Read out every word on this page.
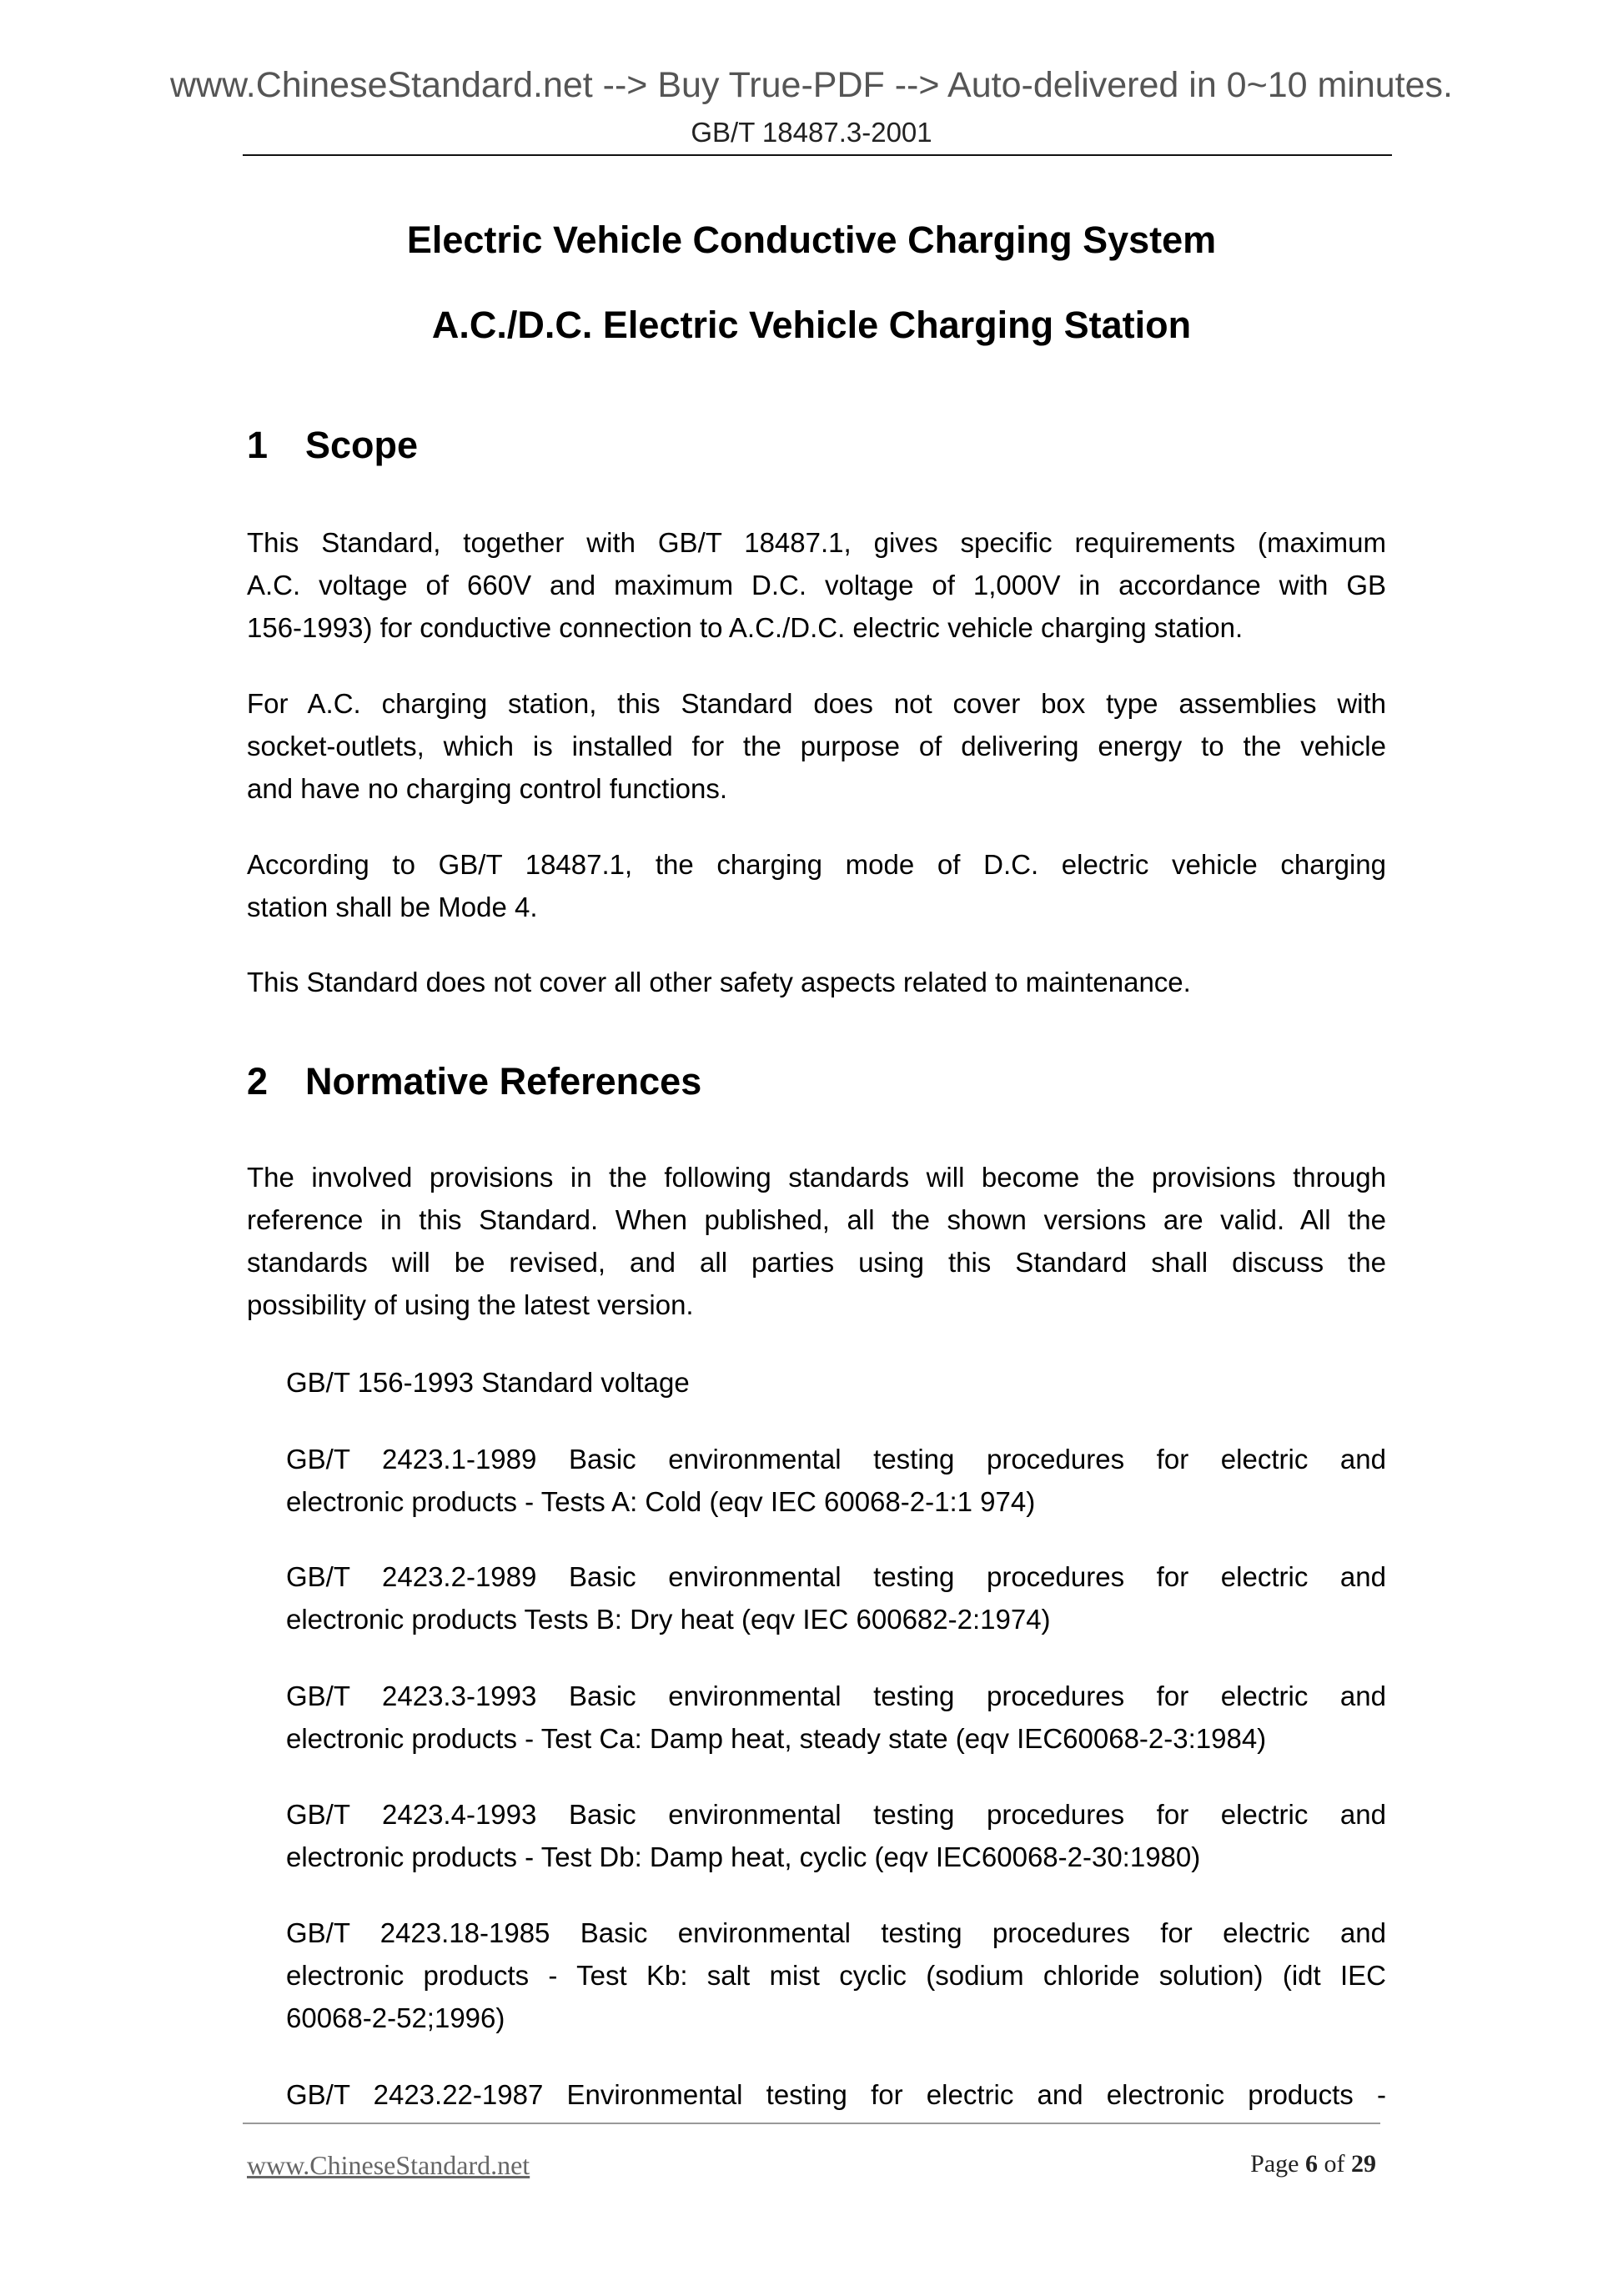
www.ChineseStandard.net --> Buy True-PDF --> Auto-delivered in 0~10 minutes.
GB/T 18487.3-2001
Electric Vehicle Conductive Charging System
A.C./D.C. Electric Vehicle Charging Station
1 Scope
2 Normative References
This Standard, together with GB/T 18487.1, gives specific requirements (maximum
A.C. voltage of 660V and maximum D.C. voltage of 1,000V in accordance with GB
156-1993) for conductive connection to A.C./D.C. electric vehicle charging station.
For A.C. charging station, this Standard does not cover box type assemblies with
socket-outlets, which is installed for the purpose of delivering energy to the vehicle
and have no charging control functions.
According to GB/T 18487.1, the charging mode of D.C. electric vehicle charging
station shall be Mode 4.
This Standard does not cover all other safety aspects related to maintenance.
The involved provisions in the following standards will become the provisions through
reference in this Standard. When published, all the shown versions are valid. All the
standards will be revised, and all parties using this Standard shall discuss the
possibility of using the latest version.
GB/T 156-1993 Standard voltage
GB/T 2423.1-1989 Basic environmental testing procedures for electric and
electronic products - Tests A: Cold (eqv IEC 60068-2-1:1 974)
GB/T 2423.2-1989 Basic environmental testing procedures for electric and
electronic products Tests B: Dry heat (eqv IEC 600682-2:1974)
GB/T 2423.3-1993 Basic environmental testing procedures for electric and
electronic products - Test Ca: Damp heat, steady state (eqv IEC60068-2-3:1984)
GB/T 2423.4-1993 Basic environmental testing procedures for electric and
electronic products - Test Db: Damp heat, cyclic (eqv IEC60068-2-30:1980)
GB/T 2423.18-1985 Basic environmental testing procedures for electric and
electronic products - Test Kb: salt mist cyclic (sodium chloride solution) (idt IEC
60068-2-52;1996)
GB/T 2423.22-1987 Environmental testing for electric and electronic products -
www.ChineseStandard.net	Page 6 of 29
